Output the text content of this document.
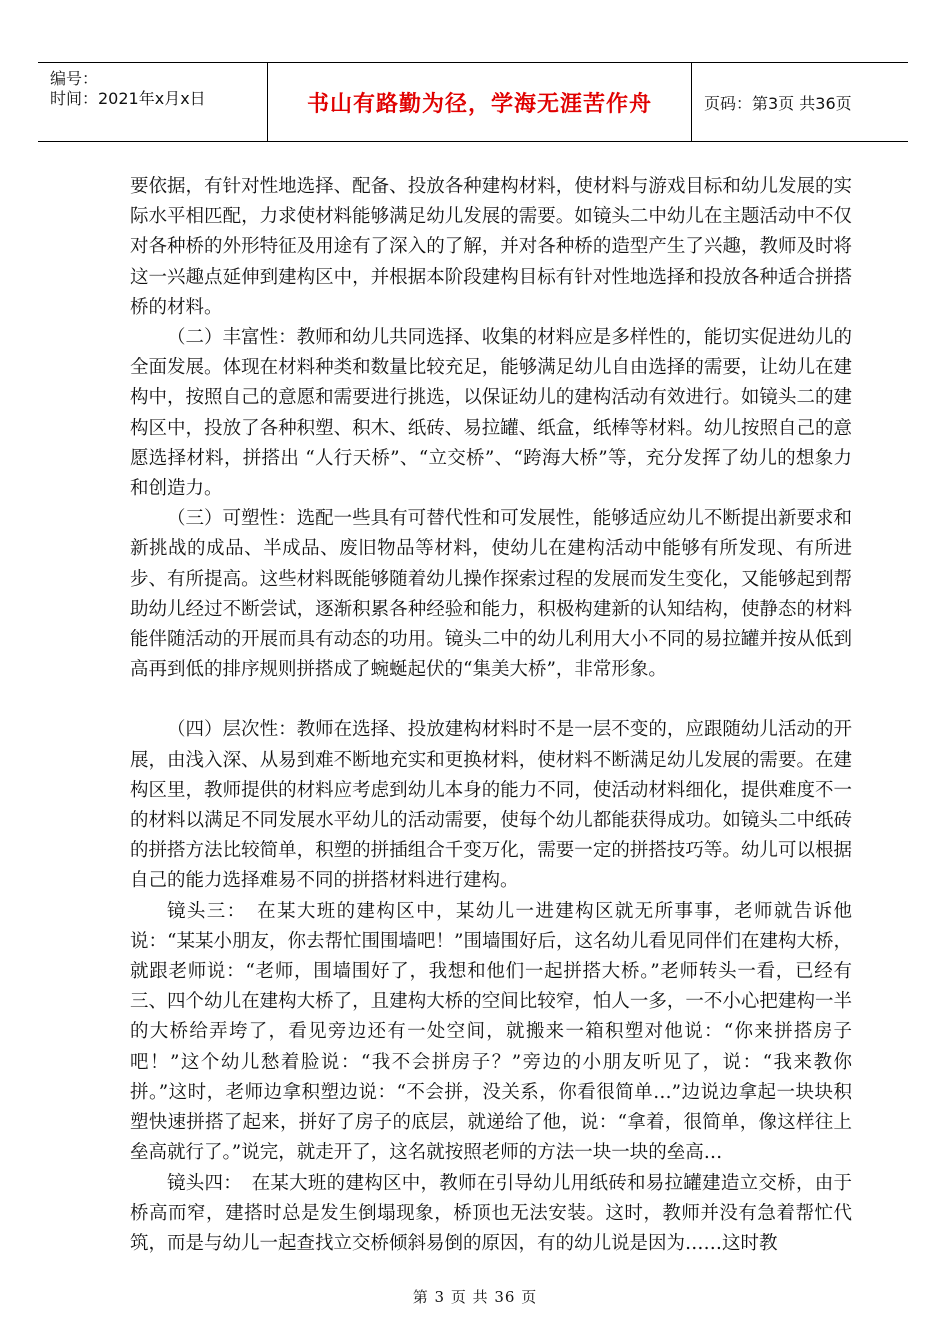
编号：
时间：2021年x月x日	书山有路勤为径，学海无涯苦作舟	页码：第3页 共36页

要依据，有针对性地选择、配备、投放各种建构材料，使材料与游戏目标和幼儿发展的实际水平相匹配，力求使材料能够满足幼儿发展的需要。如镜头二中幼儿在主题活动中不仅对各种桥的外形特征及用途有了深入的了解，并对各种桥的造型产生了兴趣，教师及时将这一兴趣点延伸到建构区中，并根据本阶段建构目标有针对性地选择和投放各种适合拼搭桥的材料。

（二）丰富性：教师和幼儿共同选择、收集的材料应是多样性的，能切实促进幼儿的全面发展。体现在材料种类和数量比较充足，能够满足幼儿自由选择的需要，让幼儿在建构中，按照自己的意愿和需要进行挑选，以保证幼儿的建构活动有效进行。如镜头二的建构区中，投放了各种积塑、积木、纸砖、易拉罐、纸盒，纸棒等材料。幼儿按照自己的意愿选择材料，拼搭出 “人行天桥”、“立交桥”、“跨海大桥”等，充分发挥了幼儿的想象力和创造力。

（三）可塑性：选配一些具有可替代性和可发展性，能够适应幼儿不断提出新要求和新挑战的成品、半成品、废旧物品等材料，使幼儿在建构活动中能够有所发现、有所进步、有所提高。这些材料既能够随着幼儿操作探索过程的发展而发生变化，又能够起到帮助幼儿经过不断尝试，逐渐积累各种经验和能力，积极构建新的认知结构，使静态的材料能伴随活动的开展而具有动态的功用。镜头二中的幼儿利用大小不同的易拉罐并按从低到高再到低的排序规则拼搭成了蜿蜒起伏的“集美大桥”，非常形象。

（四）层次性：教师在选择、投放建构材料时不是一层不变的，应跟随幼儿活动的开展，由浅入深、从易到难不断地充实和更换材料，使材料不断满足幼儿发展的需要。在建构区里，教师提供的材料应考虑到幼儿本身的能力不同，使活动材料细化，提供难度不一的材料以满足不同发展水平幼儿的活动需要，使每个幼儿都能获得成功。如镜头二中纸砖的拼搭方法比较简单，积塑的拼插组合千变万化，需要一定的拼搭技巧等。幼儿可以根据自己的能力选择难易不同的拼搭材料进行建构。

镜头三：　在某大班的建构区中，某幼儿一进建构区就无所事事，老师就告诉他说：“某某小朋友，你去帮忙围围墙吧！”围墙围好后，这名幼儿看见同伴们在建构大桥，就跟老师说：“老师，围墙围好了，我想和他们一起拼搭大桥。”老师转头一看，已经有三、四个幼儿在建构大桥了，且建构大桥的空间比较窄，怕人一多，一不小心把建构一半的大桥给弄垮了，看见旁边还有一处空间，就搬来一箱积塑对他说：“你来拼搭房子吧！”这个幼儿愁着脸说：“我不会拼房子？”旁边的小朋友听见了，说：“我来教你拼。”这时，老师边拿积塑边说：“不会拼，没关系，你看很简单…”边说边拿起一块块积塑快速拼搭了起来，拼好了房子的底层，就递给了他，说：“拿着，很简单，像这样往上垒高就行了。”说完，就走开了，这名就按照老师的方法一块一块的垒高…

镜头四：　在某大班的建构区中，教师在引导幼儿用纸砖和易拉罐建造立交桥，由于桥高而窄，建搭时总是发生倒塌现象，桥顶也无法安装。这时，教师并没有急着帮忙代筑，而是与幼儿一起查找立交桥倾斜易倒的原因，有的幼儿说是因为……这时教

第 3 页 共 36 页
